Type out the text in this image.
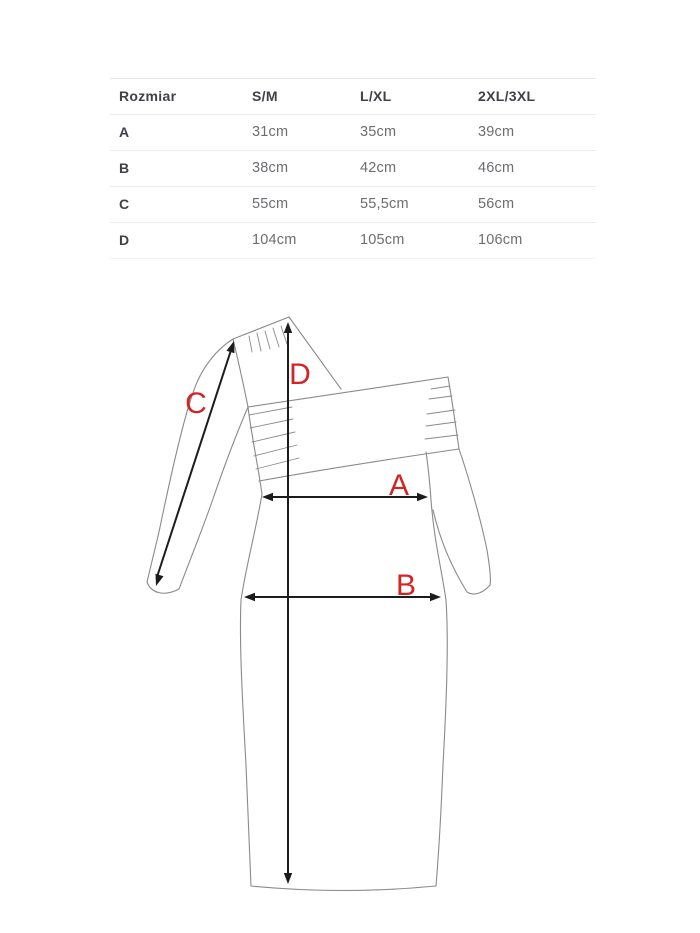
Rozmiar	S/M	L/XL	2XL/3XL
A	31cm	35cm	39cm
B	38cm	42cm	46cm
C	55cm	55,5cm	56cm
D	104cm	105cm	106cm
A
B
C
D
